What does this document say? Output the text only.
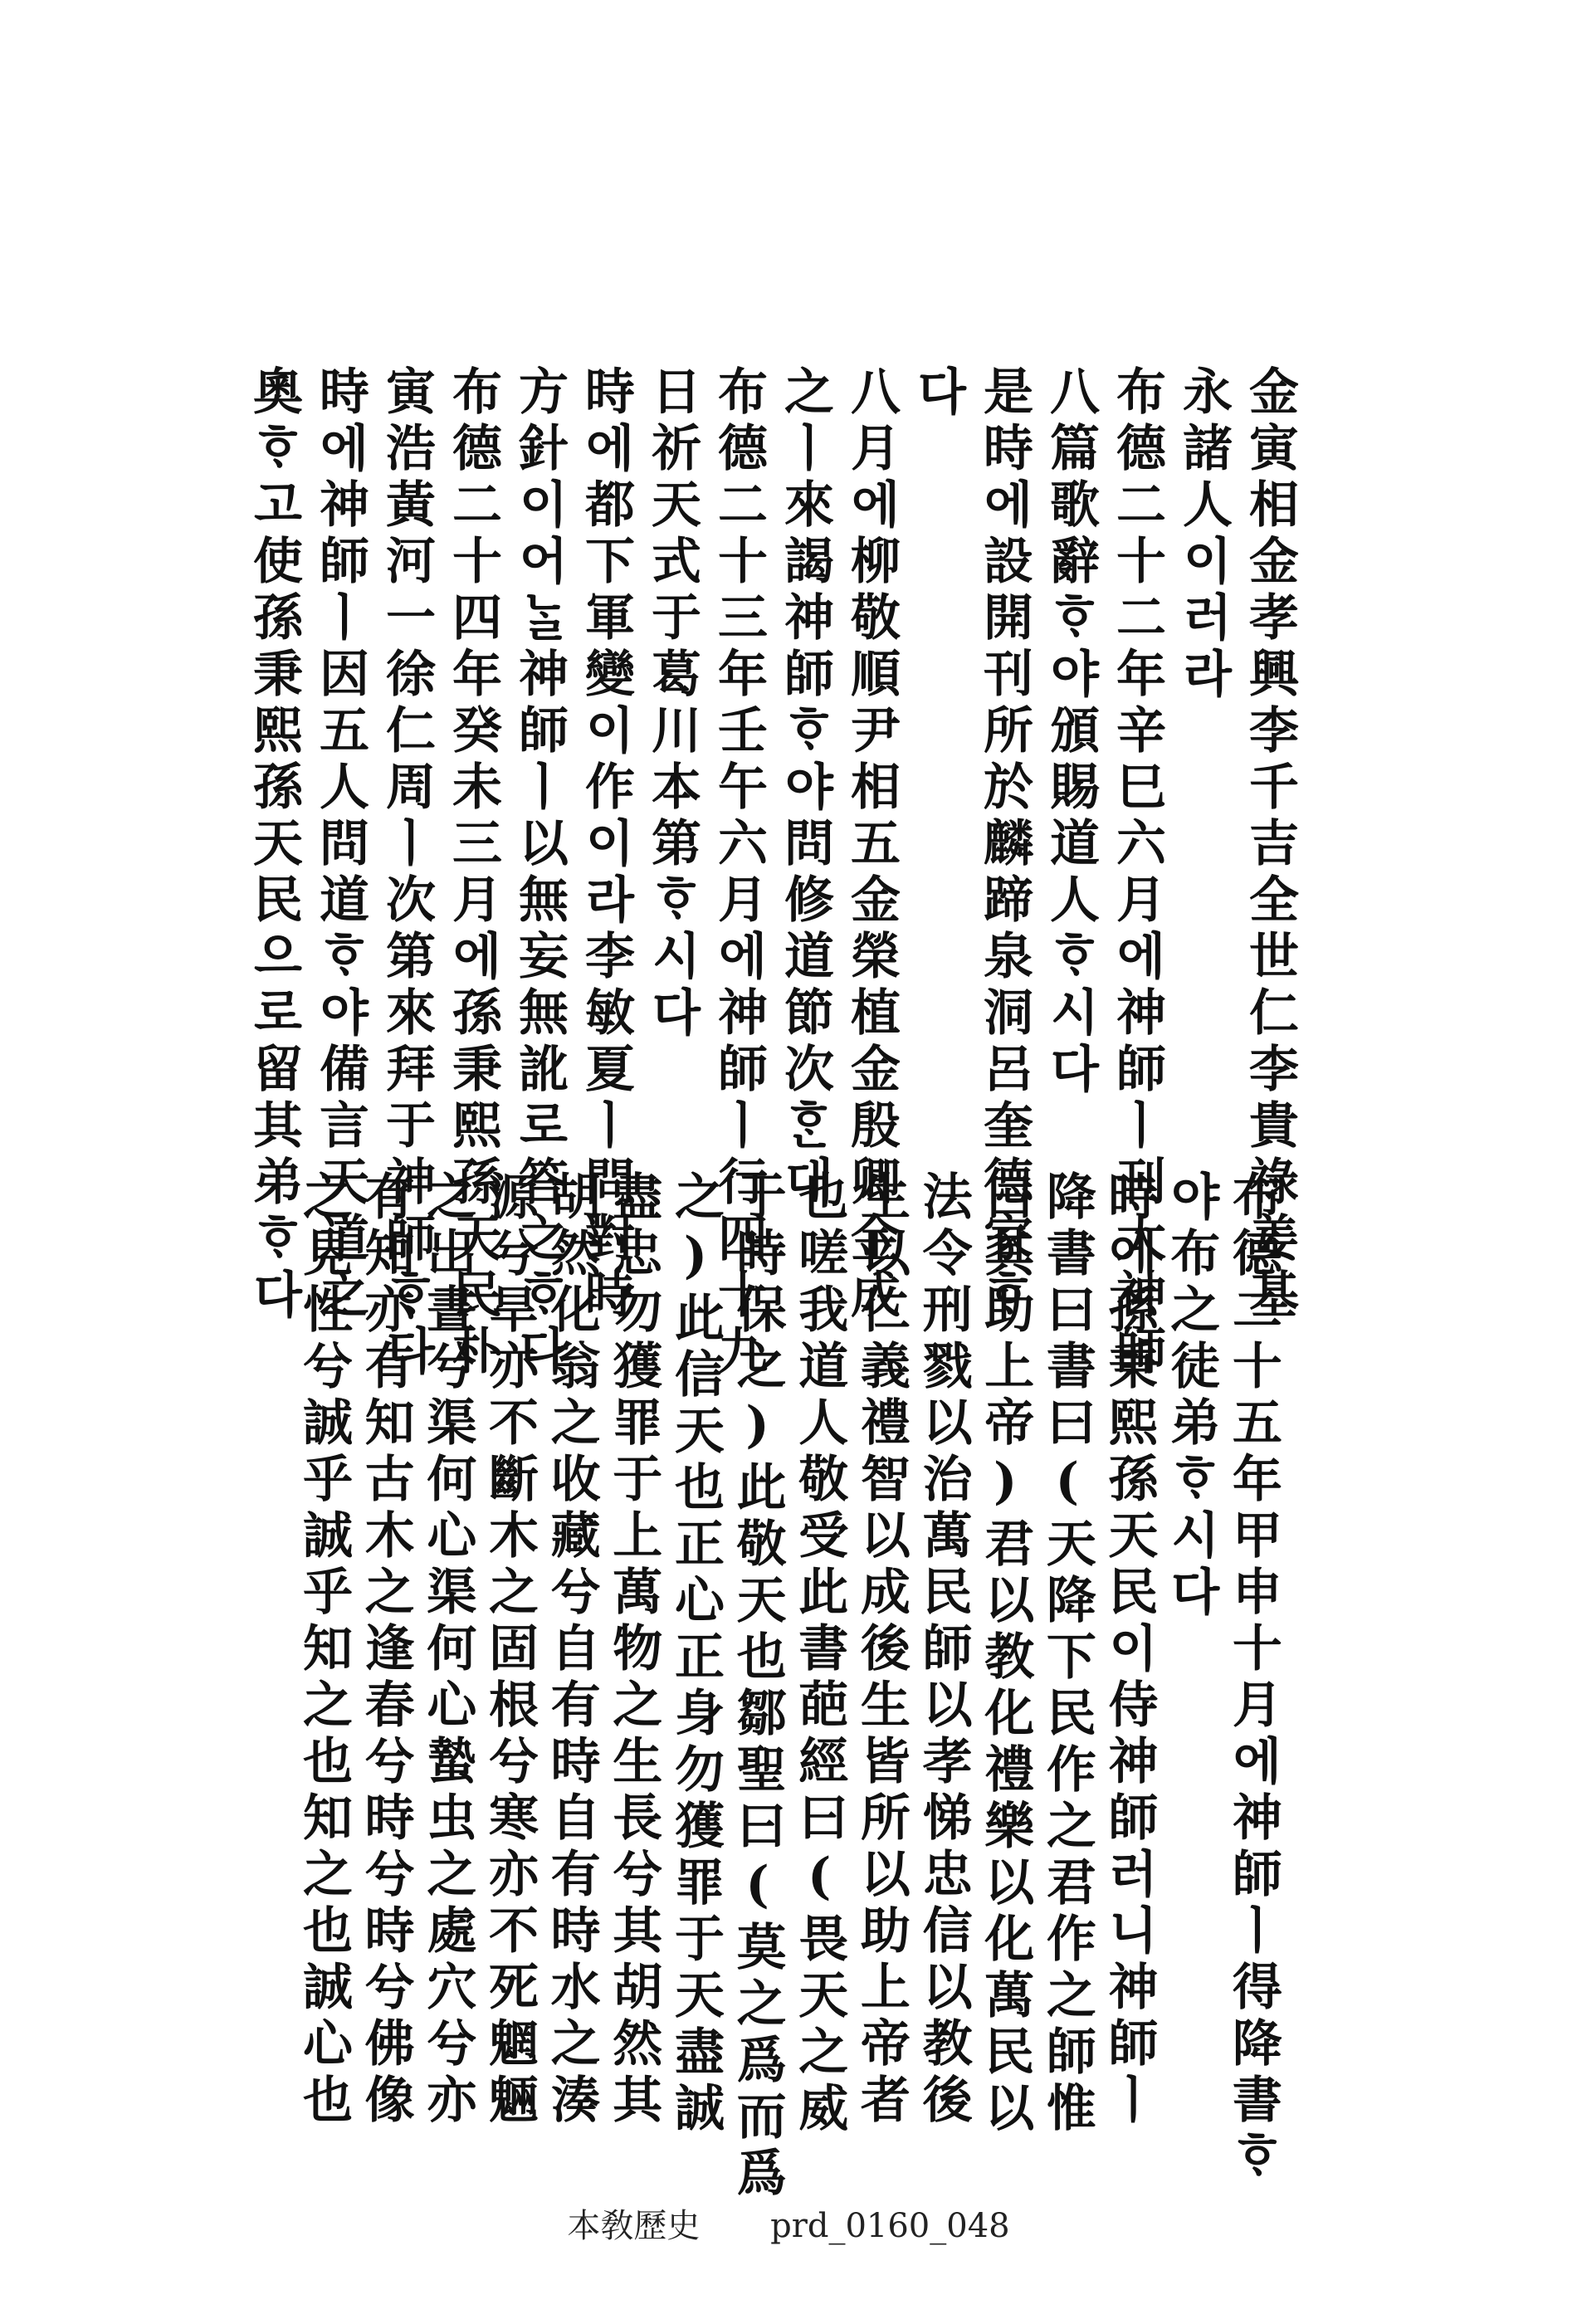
金寅相金孝興李千吉全世仁李貴祿姜基
永諸人이러라
布德二十二年辛巳六月에神師ㅣ刊大神師
八篇歌辭ᄒᆞ야頒賜道人ᄒᆞ시다
是時에設開刊所於麟蹄泉洞呂奎德家ᄒᆞ
다
八月에柳敬順尹相五金榮植金殷卿金成
之ㅣ來謁神師ᄒᆞ야問修道節次ᄒᆞᆫ대
布德二十三年壬午六月에神師ㅣ行四十九
日祈天式于葛川本第ᄒᆞ시다
時에都下軍變이作이라李敏夏ㅣ問對時
方針이어ᄂᆞᆯ神師ㅣ以無妄無訛로答之ᄒᆞ다
布德二十四年癸未三月에孫秉熙孫天民朴
寅浩黃河一徐仁周ㅣ次第來拜于神師ᄒᆞ다
時에神師ㅣ因五人問道ᄒᆞ야備言天道之
奧ᄒᆞ고使孫秉熙孫天民으로留其弟ᄒᆞ다
布德二十五年甲申十月에神師ㅣ得降書ᄒᆞ
야布之徒弟ᄒᆞ시다
時에孫秉熙孫天民이侍神師러니神師ㅣ
降書曰書曰(天降下民作之君作之師惟
曰其助上帝)君以教化禮樂以化萬民以
法令刑戮以治萬民師以孝悌忠信以教後
生以仁義禮智以成後生皆所以助上帝者
也嗟我道人敬受此書葩經曰(畏天之威
于時保之)此敬天也鄒聖曰(莫之爲而爲
之)此信天也正心正身勿獲罪于天盡誠
盡忠勿獲罪于上萬物之生長兮其胡然其
胡然化翁之收藏兮自有時自有時水之湊
源兮旱亦不斷木之固根兮寒亦不死魍魎
之出晝兮渠何心渠何心蟄虫之處穴兮亦
有知亦有知古木之逢春兮時兮時兮佛像
之見性兮誠乎誠乎知之也知之也誠心也
本敎歷史 prd_0160_048
